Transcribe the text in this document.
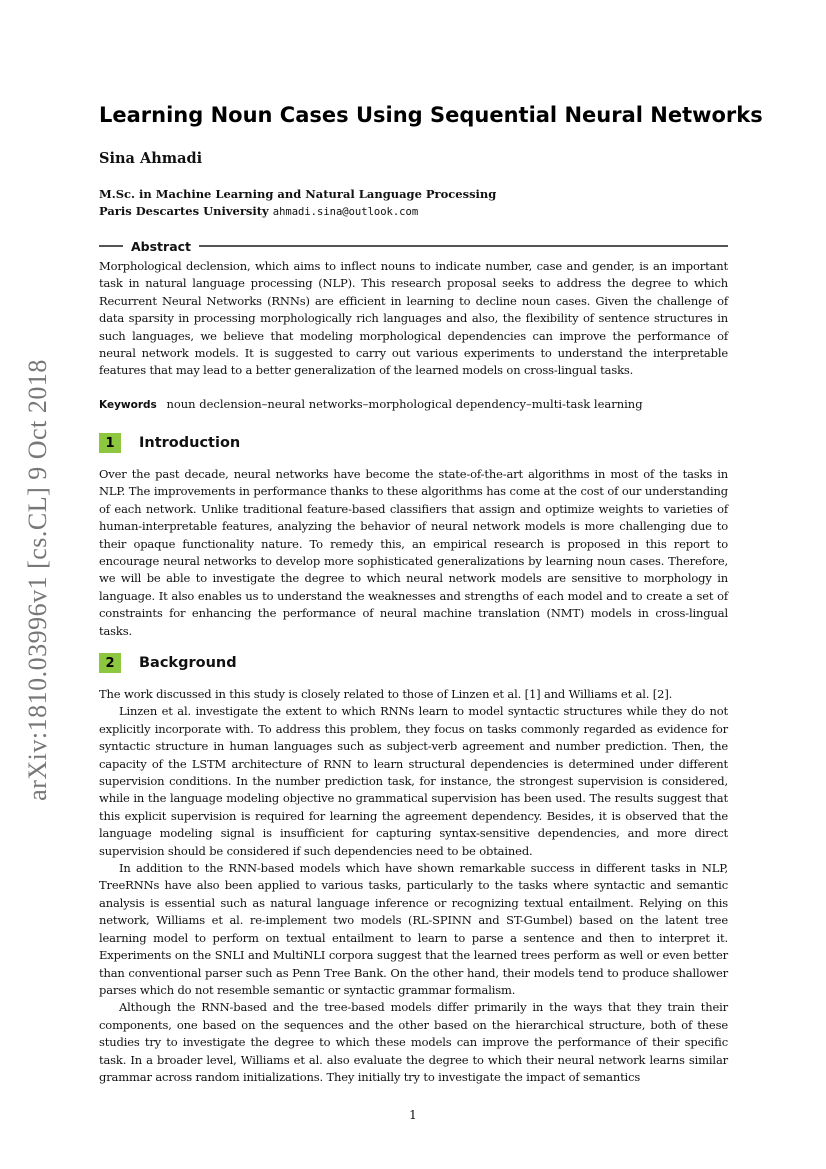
arXiv:1810.03996v1 [cs.CL] 9 Oct 2018
Learning Noun Cases Using Sequential Neural Networks
Sina Ahmadi
M.Sc. in Machine Learning and Natural Language Processing
Paris Descartes University ahmadi.sina@outlook.com
Abstract
Morphological declension, which aims to inflect nouns to indicate number, case and gender, is an important task in natural language processing (NLP). This research proposal seeks to address the degree to which Recurrent Neural Networks (RNNs) are efficient in learning to decline noun cases. Given the challenge of data sparsity in processing morphologically rich languages and also, the flexibility of sentence structures in such languages, we believe that modeling morphological dependencies can improve the performance of neural network models. It is suggested to carry out various experiments to understand the interpretable features that may lead to a better generalization of the learned models on cross-lingual tasks.
Keywords noun declension–neural networks–morphological dependency–multi-task learning
1	Introduction

Over the past decade, neural networks have become the state-of-the-art algorithms in most of the tasks in NLP. The improvements in performance thanks to these algorithms has come at the cost of our understanding of each network. Unlike traditional feature-based classifiers that assign and optimize weights to varieties of human-interpretable features, analyzing the behavior of neural network models is more challenging due to their opaque functionality nature. To remedy this, an empirical research is proposed in this report to encourage neural networks to develop more sophisticated generalizations by learning noun cases. Therefore, we will be able to investigate the degree to which neural network models are sensitive to morphology in language. It also enables us to understand the weaknesses and strengths of each model and to create a set of constraints for enhancing the performance of neural machine translation (NMT) models in cross-lingual tasks.

2	Background

The work discussed in this study is closely related to those of Linzen et al. [1] and Williams et al. [2].

Linzen et al. investigate the extent to which RNNs learn to model syntactic structures while they do not explicitly incorporate with. To address this problem, they focus on tasks commonly regarded as evidence for syntactic structure in human languages such as subject-verb agreement and number prediction. Then, the capacity of the LSTM architecture of RNN to learn structural dependencies is determined under different supervision conditions. In the number prediction task, for instance, the strongest supervision is considered, while in the language modeling objective no grammatical supervision has been used. The results suggest that this explicit supervision is required for learning the agreement dependency. Besides, it is observed that the language modeling signal is insufficient for capturing syntax-sensitive dependencies, and more direct supervision should be considered if such dependencies need to be obtained.

In addition to the RNN-based models which have shown remarkable success in different tasks in NLP, TreeRNNs have also been applied to various tasks, particularly to the tasks where syntactic and semantic analysis is essential such as natural language inference or recognizing textual entailment. Relying on this network, Williams et al. re-implement two models (RL-SPINN and ST-Gumbel) based on the latent tree learning model to perform on textual entailment to learn to parse a sentence and then to interpret it. Experiments on the SNLI and MultiNLI corpora suggest that the learned trees perform as well or even better than conventional parser such as Penn Tree Bank. On the other hand, their models tend to produce shallower parses which do not resemble semantic or syntactic grammar formalism.

Although the RNN-based and the tree-based models differ primarily in the ways that they train their components, one based on the sequences and the other based on the hierarchical structure, both of these studies try to investigate the degree to which these models can improve the performance of their specific task. In a broader level, Williams et al. also evaluate the degree to which their neural network learns similar grammar across random initializations. They initially try to investigate the impact of semantics

1
